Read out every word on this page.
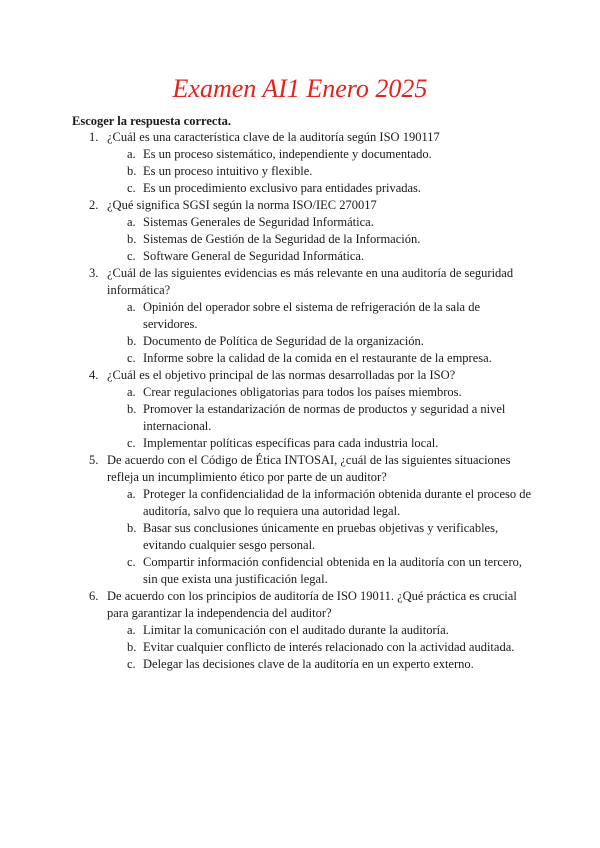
Examen AI1 Enero 2025
Escoger la respuesta correcta.
1. ¿Cuál es una característica clave de la auditoría según ISO 190117
a. Es un proceso sistemático, independiente y documentado.
b. Es un proceso intuitivo y flexible.
c. Es un procedimiento exclusivo para entidades privadas.
2. ¿Qué significa SGSI según la norma ISO/IEC 270017
a. Sistemas Generales de Seguridad Informática.
b. Sistemas de Gestión de la Seguridad de la Información.
c. Software General de Seguridad Informática.
3. ¿Cuál de las siguientes evidencias es más relevante en una auditoría de seguridad informática?
a. Opinión del operador sobre el sistema de refrigeración de la sala de servidores.
b. Documento de Política de Seguridad de la organización.
c. Informe sobre la calidad de la comida en el restaurante de la empresa.
4. ¿Cuál es el objetivo principal de las normas desarrolladas por la ISO?
a. Crear regulaciones obligatorias para todos los países miembros.
b. Promover la estandarización de normas de productos y seguridad a nivel internacional.
c. Implementar políticas específicas para cada industria local.
5. De acuerdo con el Código de Ética INTOSAI, ¿cuál de las siguientes situaciones refleja un incumplimiento ético por parte de un auditor?
a. Proteger la confidencialidad de la información obtenida durante el proceso de auditoría, salvo que lo requiera una autoridad legal.
b. Basar sus conclusiones únicamente en pruebas objetivas y verificables, evitando cualquier sesgo personal.
c. Compartir información confidencial obtenida en la auditoría con un tercero, sin que exista una justificación legal.
6. De acuerdo con los principios de auditoría de ISO 19011. ¿Qué práctica es crucial para garantizar la independencia del auditor?
a. Limitar la comunicación con el auditado durante la auditoría.
b. Evitar cualquier conflicto de interés relacionado con la actividad auditada.
c. Delegar las decisiones clave de la auditoría en un experto externo.
